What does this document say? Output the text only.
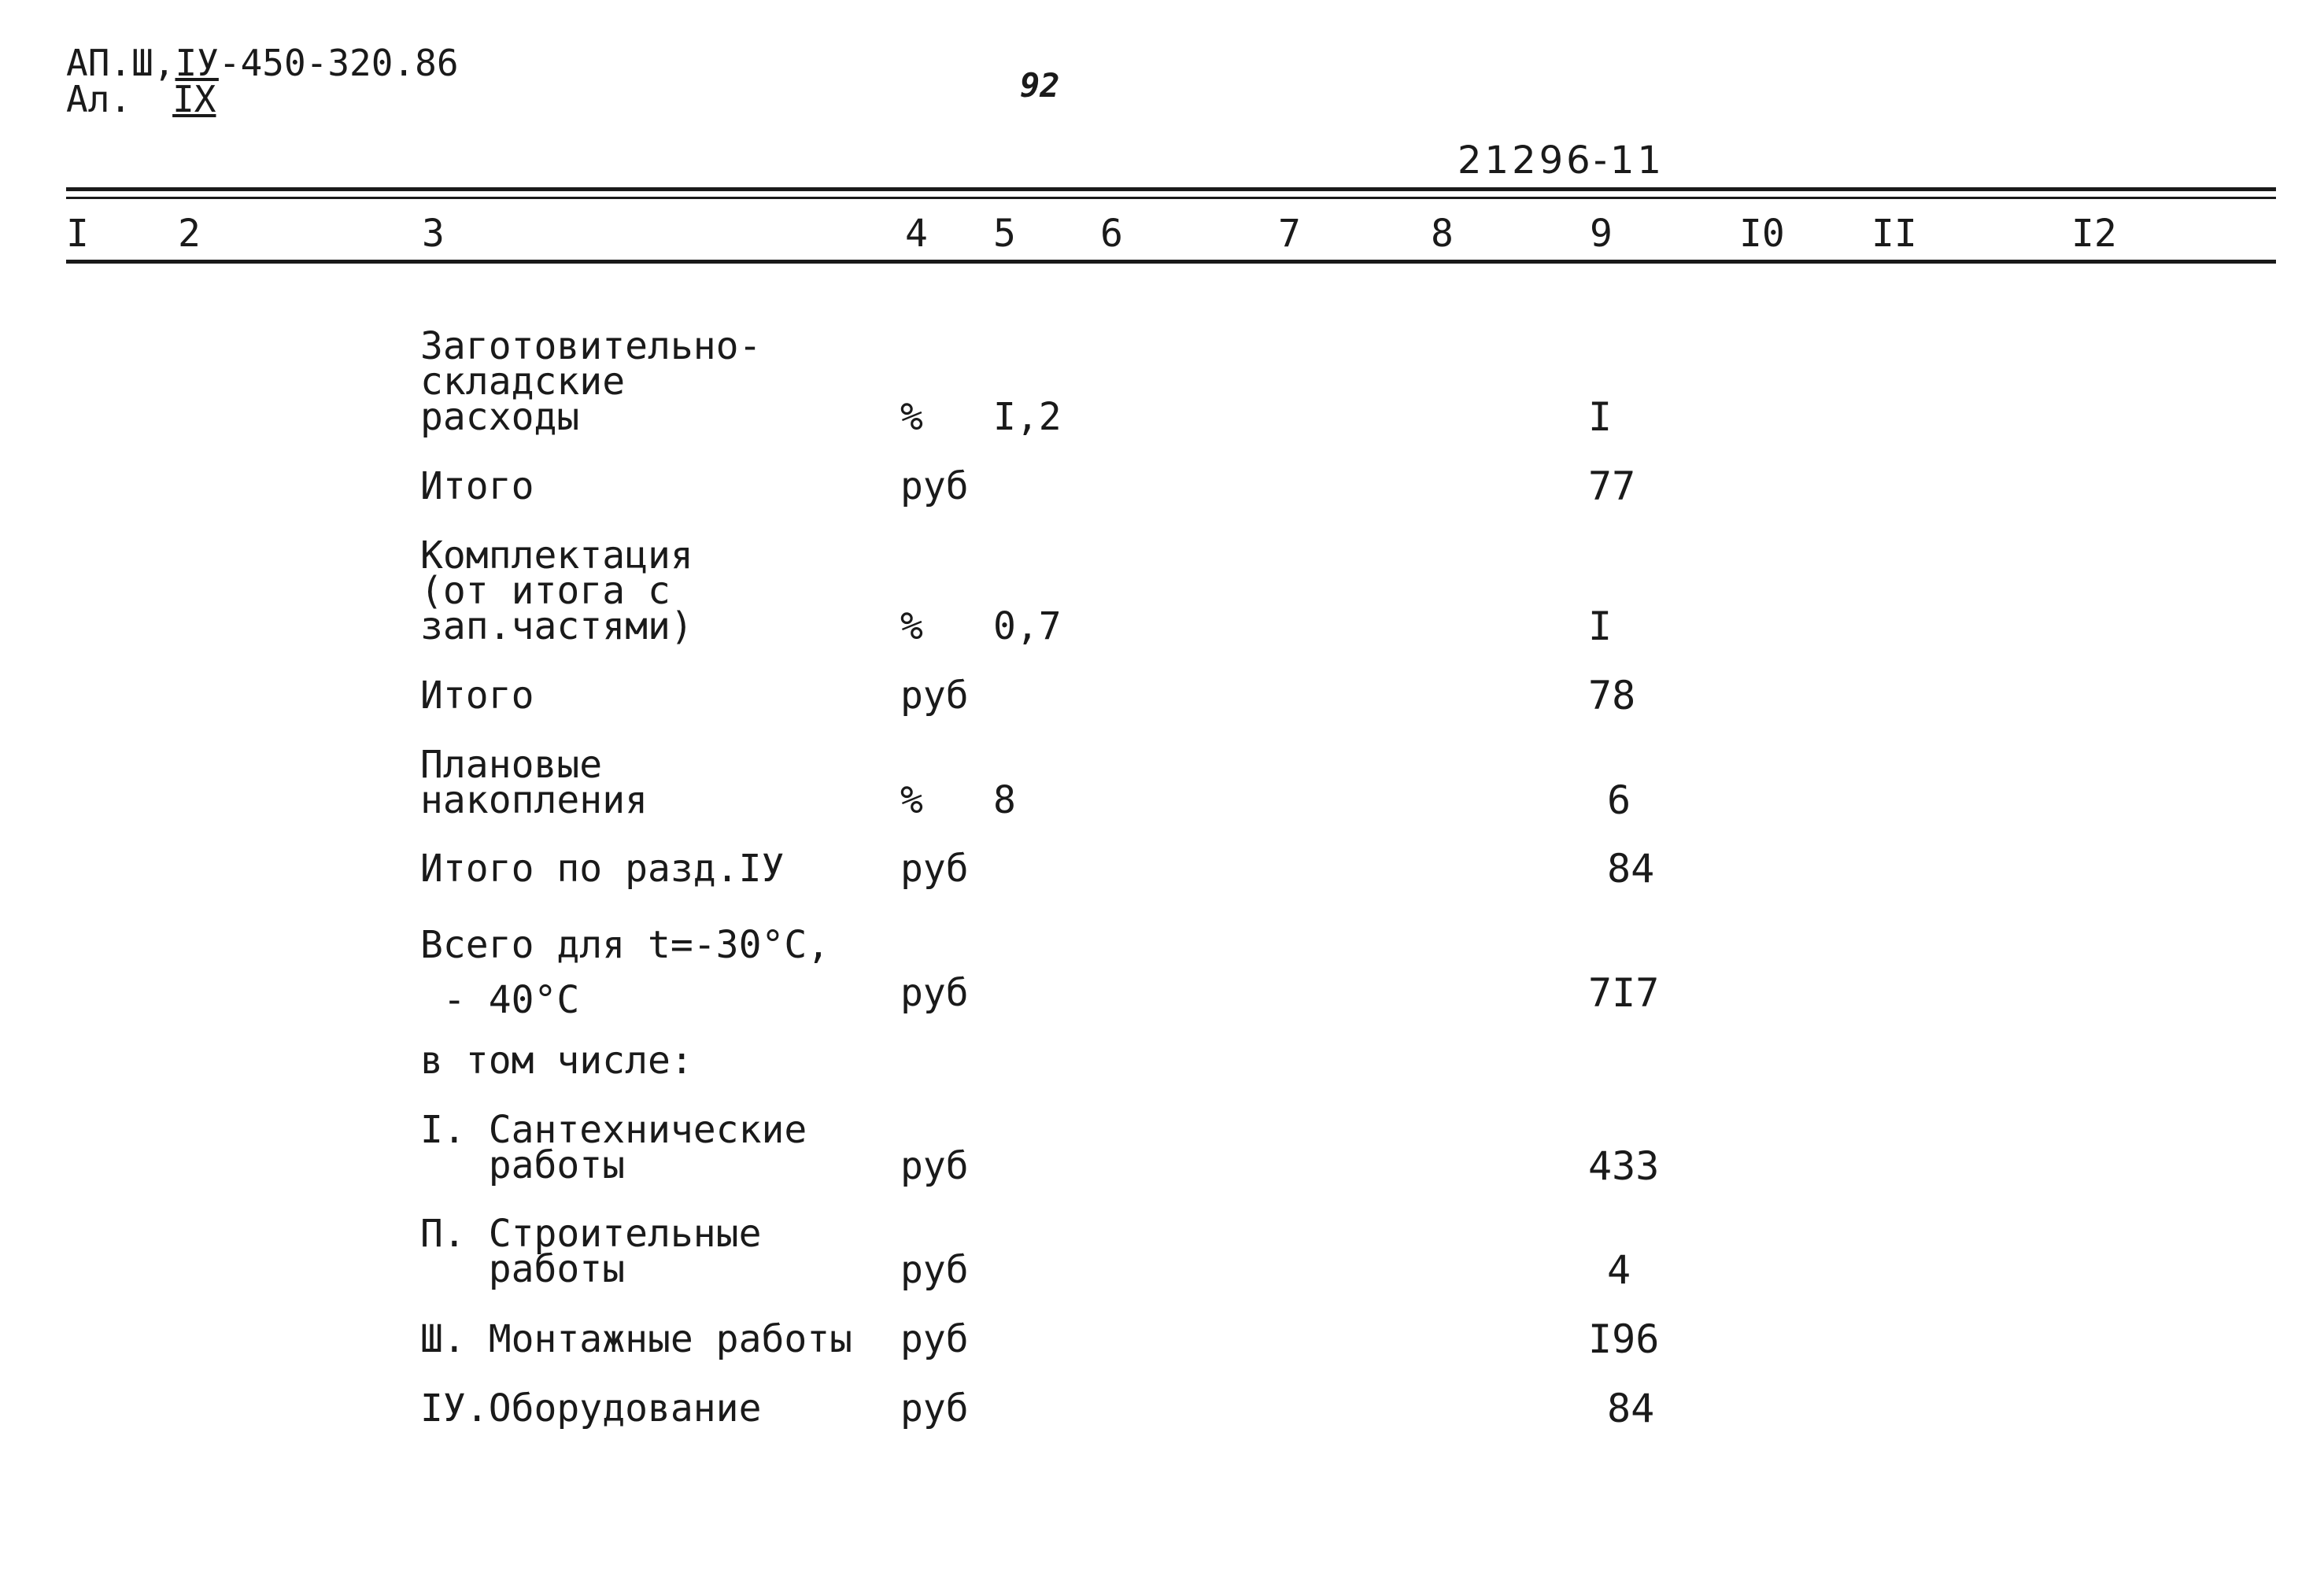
АП.Ш,IУ-450-320.86
Ал. IX	92
21296-11
I 2	3	4 5 6	7	8	9	I0 II	I2
Заготовительно-
складские
расходы	% I,2	I
Итого	руб	77
Комплектация
(от итога с
зап.частями)	% 0,7	I
Итого	руб	78
Плановые
накопления	% 8	6
Итого по разд.IУ	руб	84
Всего для t=-30°C,
- 40°C	руб	7I7
в том числе:
I. Сантехнические
работы	руб	433
П. Строительные
работы	руб	4
Ш. Монтажные работы руб	I96
IУ.Оборудование	руб	84
